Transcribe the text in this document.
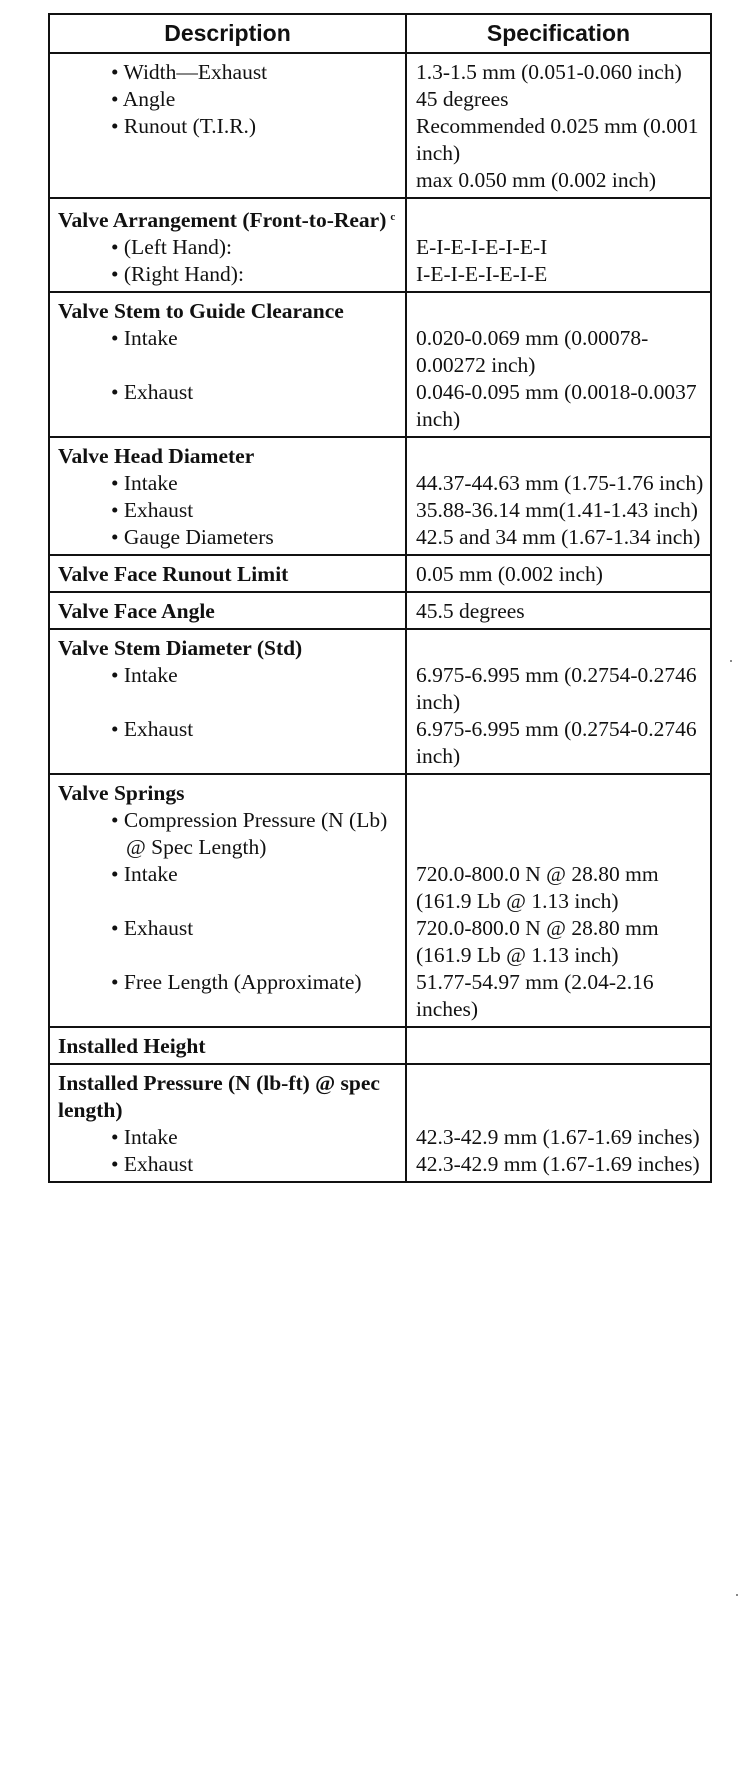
Description	Specification
• Width—Exhaust	1.3-1.5 mm (0.051-0.060 inch)
• Angle	45 degrees
• Runout (T.I.R.)	Recommended 0.025 mm (0.001 inch)
max 0.050 mm (0.002 inch)

Valve Arrangement (Front-to-Rear) $^c$	
• (Left Hand):	E-I-E-I-E-I-E-I
• (Right Hand):	I-E-I-E-I-E-I-E
Valve Stem to Guide Clearance	
• Intake	0.020-0.069 mm (0.00078-0.00272 inch)
• Exhaust	0.046-0.095 mm (0.0018-0.0037 inch)
Valve Head Diameter	
• Intake	44.37-44.63 mm (1.75-1.76 inch)
• Exhaust	35.88-36.14 mm(1.41-1.43 inch)
• Gauge Diameters	42.5 and 34 mm (1.67-1.34 inch)
Valve Face Runout Limit	0.05 mm (0.002 inch)
Valve Face Angle	45.5 degrees
Valve Stem Diameter (Std)	
• Intake	6.975-6.995 mm (0.2754-0.2746 inch)
• Exhaust	6.975-6.995 mm (0.2754-0.2746 inch)
Valve Springs	
• Compression Pressure (N (Lb) @ Spec Length)	
• Intake	720.0-800.0 N @ 28.80 mm (161.9 Lb @ 1.13 inch)
• Exhaust	720.0-800.0 N @ 28.80 mm (161.9 Lb @ 1.13 inch)
• Free Length (Approximate)	51.77-54.97 mm (2.04-2.16 inches)
Installed Height	
Installed Pressure (N (lb-ft) @ spec length)	
• Intake	42.3-42.9 mm (1.67-1.69 inches)
• Exhaust	42.3-42.9 mm (1.67-1.69 inches)
